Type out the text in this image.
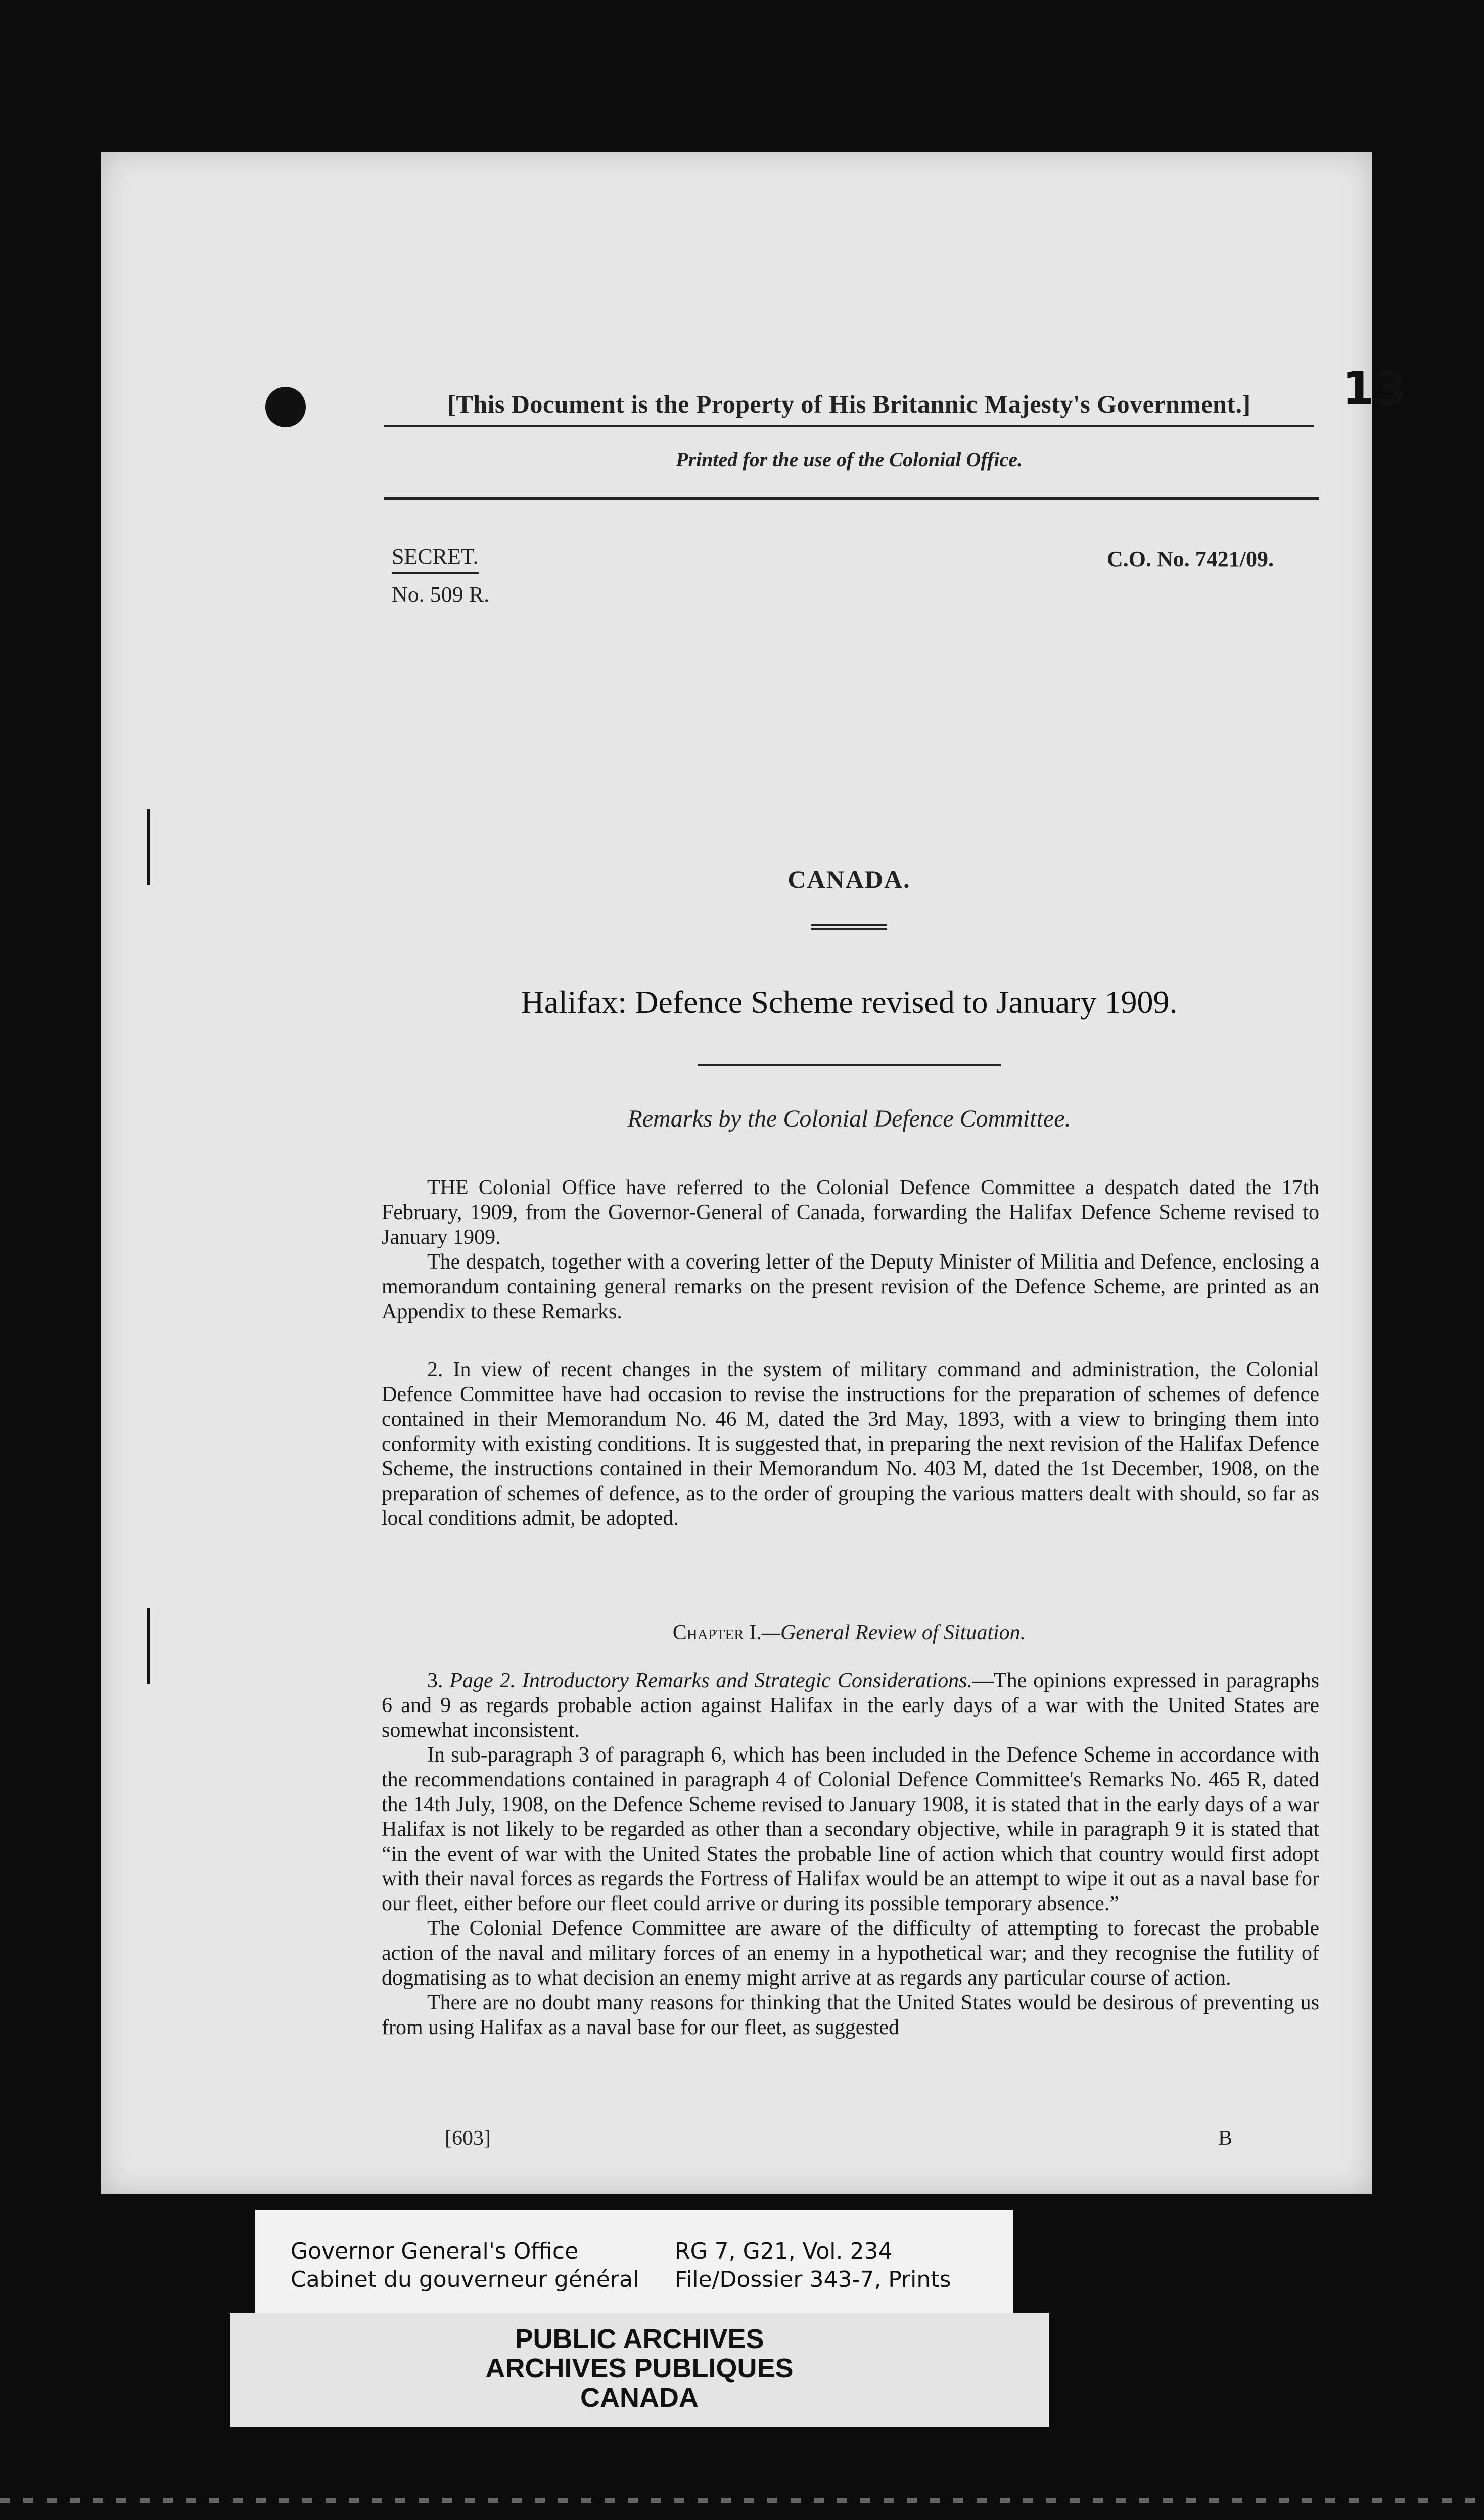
13
[This Document is the Property of His Britannic Majesty's Government.]
Printed for the use of the Colonial Office.
SECRET.
No. 509 R.
C.O. No. 7421/09.
CANADA.
Halifax: Defence Scheme revised to January 1909.
Remarks by the Colonial Defence Committee.

THE Colonial Office have referred to the Colonial Defence Committee a despatch dated the 17th February, 1909, from the Governor-General of Canada, forwarding the Halifax Defence Scheme revised to January 1909.

The despatch, together with a covering letter of the Deputy Minister of Militia and Defence, enclosing a memorandum containing general remarks on the present revision of the Defence Scheme, are printed as an Appendix to these Remarks.

2. In view of recent changes in the system of military command and administration, the Colonial Defence Committee have had occasion to revise the instructions for the preparation of schemes of defence contained in their Memorandum No. 46 M, dated the 3rd May, 1893, with a view to bringing them into conformity with existing conditions. It is suggested that, in preparing the next revision of the Halifax Defence Scheme, the instructions contained in their Memorandum No. 403 M, dated the 1st December, 1908, on the preparation of schemes of defence, as to the order of grouping the various matters dealt with should, so far as local conditions admit, be adopted.

Chapter I.—General Review of Situation.

3. Page 2. Introductory Remarks and Strategic Considerations.—The opinions expressed in paragraphs 6 and 9 as regards probable action against Halifax in the early days of a war with the United States are somewhat inconsistent.

In sub-paragraph 3 of paragraph 6, which has been included in the Defence Scheme in accordance with the recommendations contained in paragraph 4 of Colonial Defence Committee's Remarks No. 465 R, dated the 14th July, 1908, on the Defence Scheme revised to January 1908, it is stated that in the early days of a war Halifax is not likely to be regarded as other than a secondary objective, while in paragraph 9 it is stated that “in the event of war with the United States the probable line of action which that country would first adopt with their naval forces as regards the Fortress of Halifax would be an attempt to wipe it out as a naval base for our fleet, either before our fleet could arrive or during its possible temporary absence.”

The Colonial Defence Committee are aware of the difficulty of attempting to forecast the probable action of the naval and military forces of an enemy in a hypothetical war; and they recognise the futility of dogmatising as to what decision an enemy might arrive at as regards any particular course of action.

There are no doubt many reasons for thinking that the United States would be desirous of preventing us from using Halifax as a naval base for our fleet, as suggested

[603]	B
Governor General's Office
Cabinet du gouverneur général
RG 7, G21, Vol. 234
File/Dossier 343-7, Prints
PUBLIC ARCHIVES
ARCHIVES PUBLIQUES
CANADA
